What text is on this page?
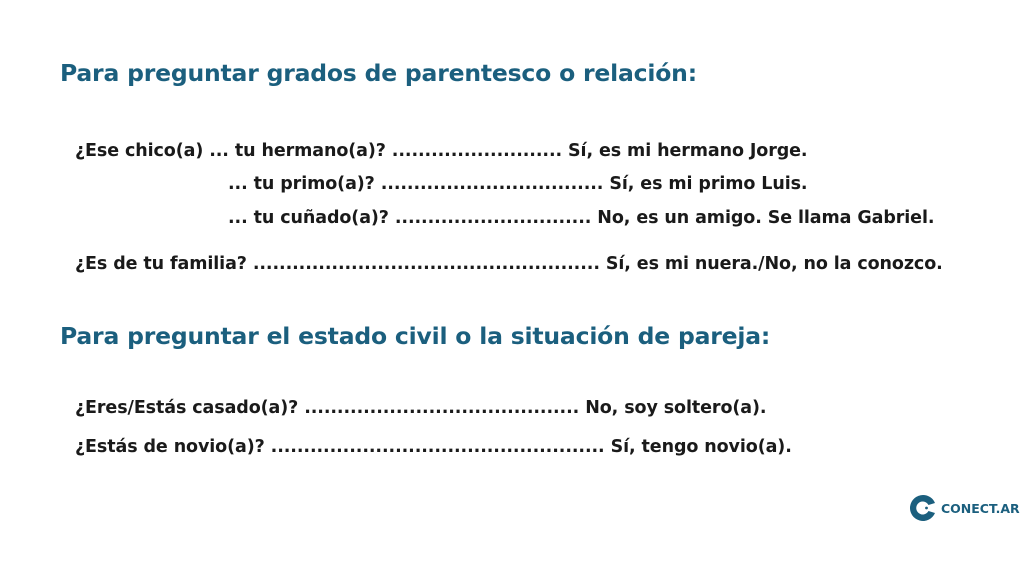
Para preguntar grados de parentesco o relación:
¿Ese chico(a) ... tu hermano(a)? .......................... Sí, es mi hermano Jorge.
... tu primo(a)? .................................. Sí, es mi primo Luis.
... tu cuñado(a)? .............................. No, es un amigo. Se llama Gabriel.
¿Es de tu familia? ..................................................... Sí, es mi nuera./No, no la conozco.
Para preguntar el estado civil o la situación de pareja:
¿Eres/Estás casado(a)? .......................................... No, soy soltero(a).
¿Estás de novio(a)? ................................................... Sí, tengo novio(a).
CONECT.AR
